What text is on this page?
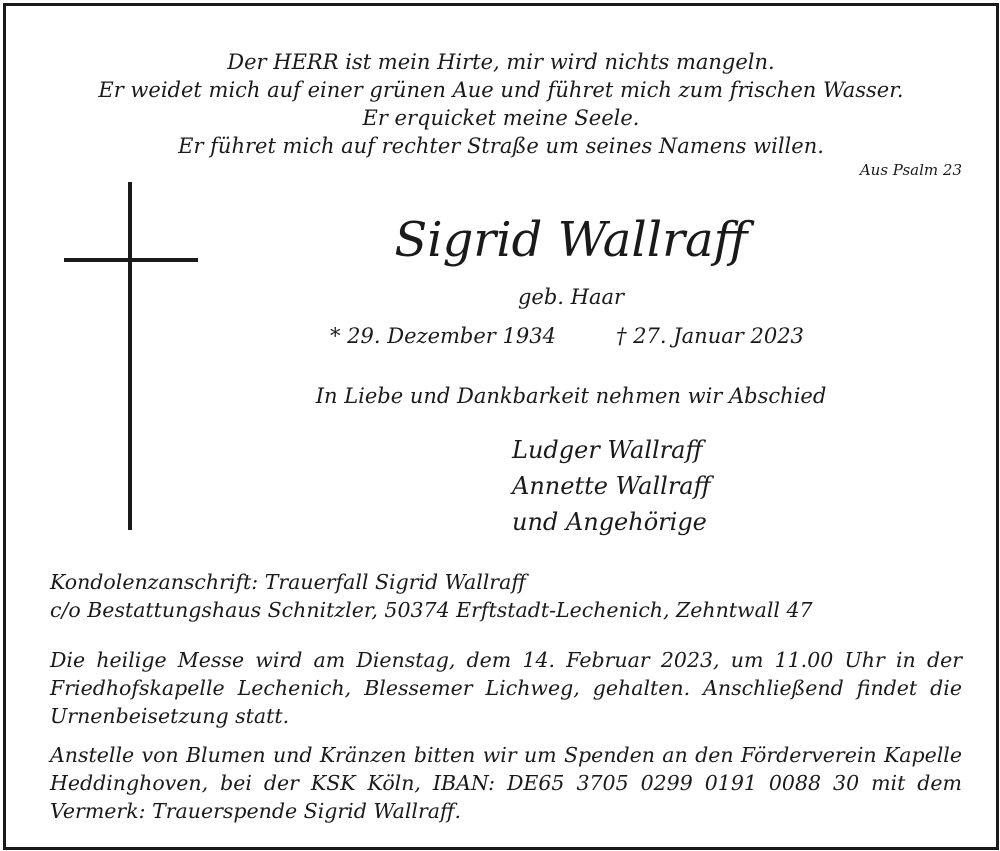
Der HERR ist mein Hirte, mir wird nichts mangeln.

Er weidet mich auf einer grünen Aue und führet mich zum frischen Wasser.

Er erquicket meine Seele.

Er führet mich auf rechter Straße um seines Namens willen.

Aus Psalm 23

Sigrid Wallraff

geb. Haar

* 29. Dezember 1934	† 27. Januar 2023

In Liebe und Dankbarkeit nehmen wir Abschied

Ludger Wallraff

Annette Wallraff

und Angehörige

Kondolenzanschrift: Trauerfall Sigrid Wallraff
c/o Bestattungshaus Schnitzler, 50374 Erftstadt-Lechenich, Zehntwall 47

Die heilige Messe wird am Dienstag, dem 14. Februar 2023, um 11.00 Uhr in der Friedhofskapelle Lechenich, Blessemer Lichweg, gehalten. Anschließend findet die Urnenbeisetzung statt.

Anstelle von Blumen und Kränzen bitten wir um Spenden an den Förderverein Kapelle Heddinghoven, bei der KSK Köln, IBAN: DE65 3705 0299 0191 0088 30 mit dem Vermerk: Trauerspende Sigrid Wallraff.
